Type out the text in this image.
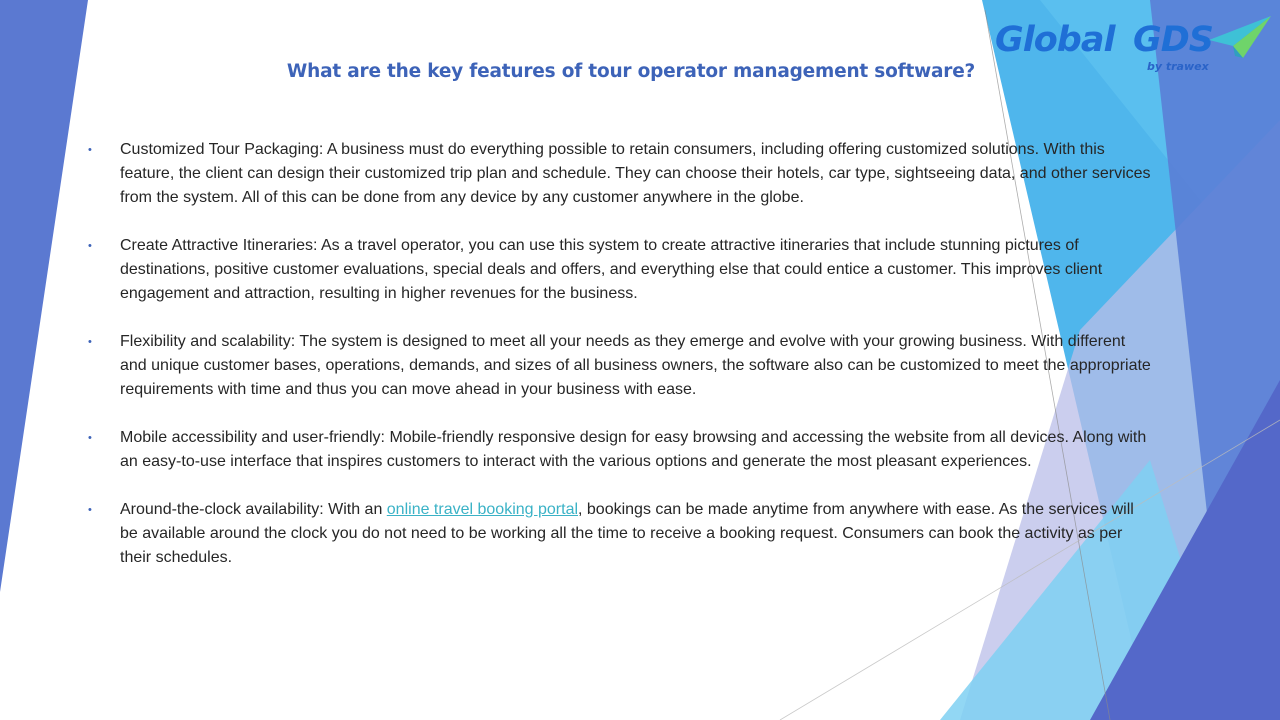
Global GDS
by trawex
What are the key features of tour operator management software?
• Customized Tour Packaging: A business must do everything possible to retain consumers, including offering customized solutions. With this feature, the client can design their customized trip plan and schedule. They can choose their hotels, car type, sightseeing data, and other services from the system. All of this can be done from any device by any customer anywhere in the globe.
• Create Attractive Itineraries: As a travel operator, you can use this system to create attractive itineraries that include stunning pictures of destinations, positive customer evaluations, special deals and offers, and everything else that could entice a customer. This improves client engagement and attraction, resulting in higher revenues for the business.
• Flexibility and scalability: The system is designed to meet all your needs as they emerge and evolve with your growing business. With different and unique customer bases, operations, demands, and sizes of all business owners, the software also can be customized to meet the appropriate requirements with time and thus you can move ahead in your business with ease.
• Mobile accessibility and user-friendly: Mobile-friendly responsive design for easy browsing and accessing the website from all devices. Along with an easy-to-use interface that inspires customers to interact with the various options and generate the most pleasant experiences.
• Around-the-clock availability: With an online travel booking portal, bookings can be made anytime from anywhere with ease. As the services will be available around the clock you do not need to be working all the time to receive a booking request. Consumers can book the activity as per their schedules.
